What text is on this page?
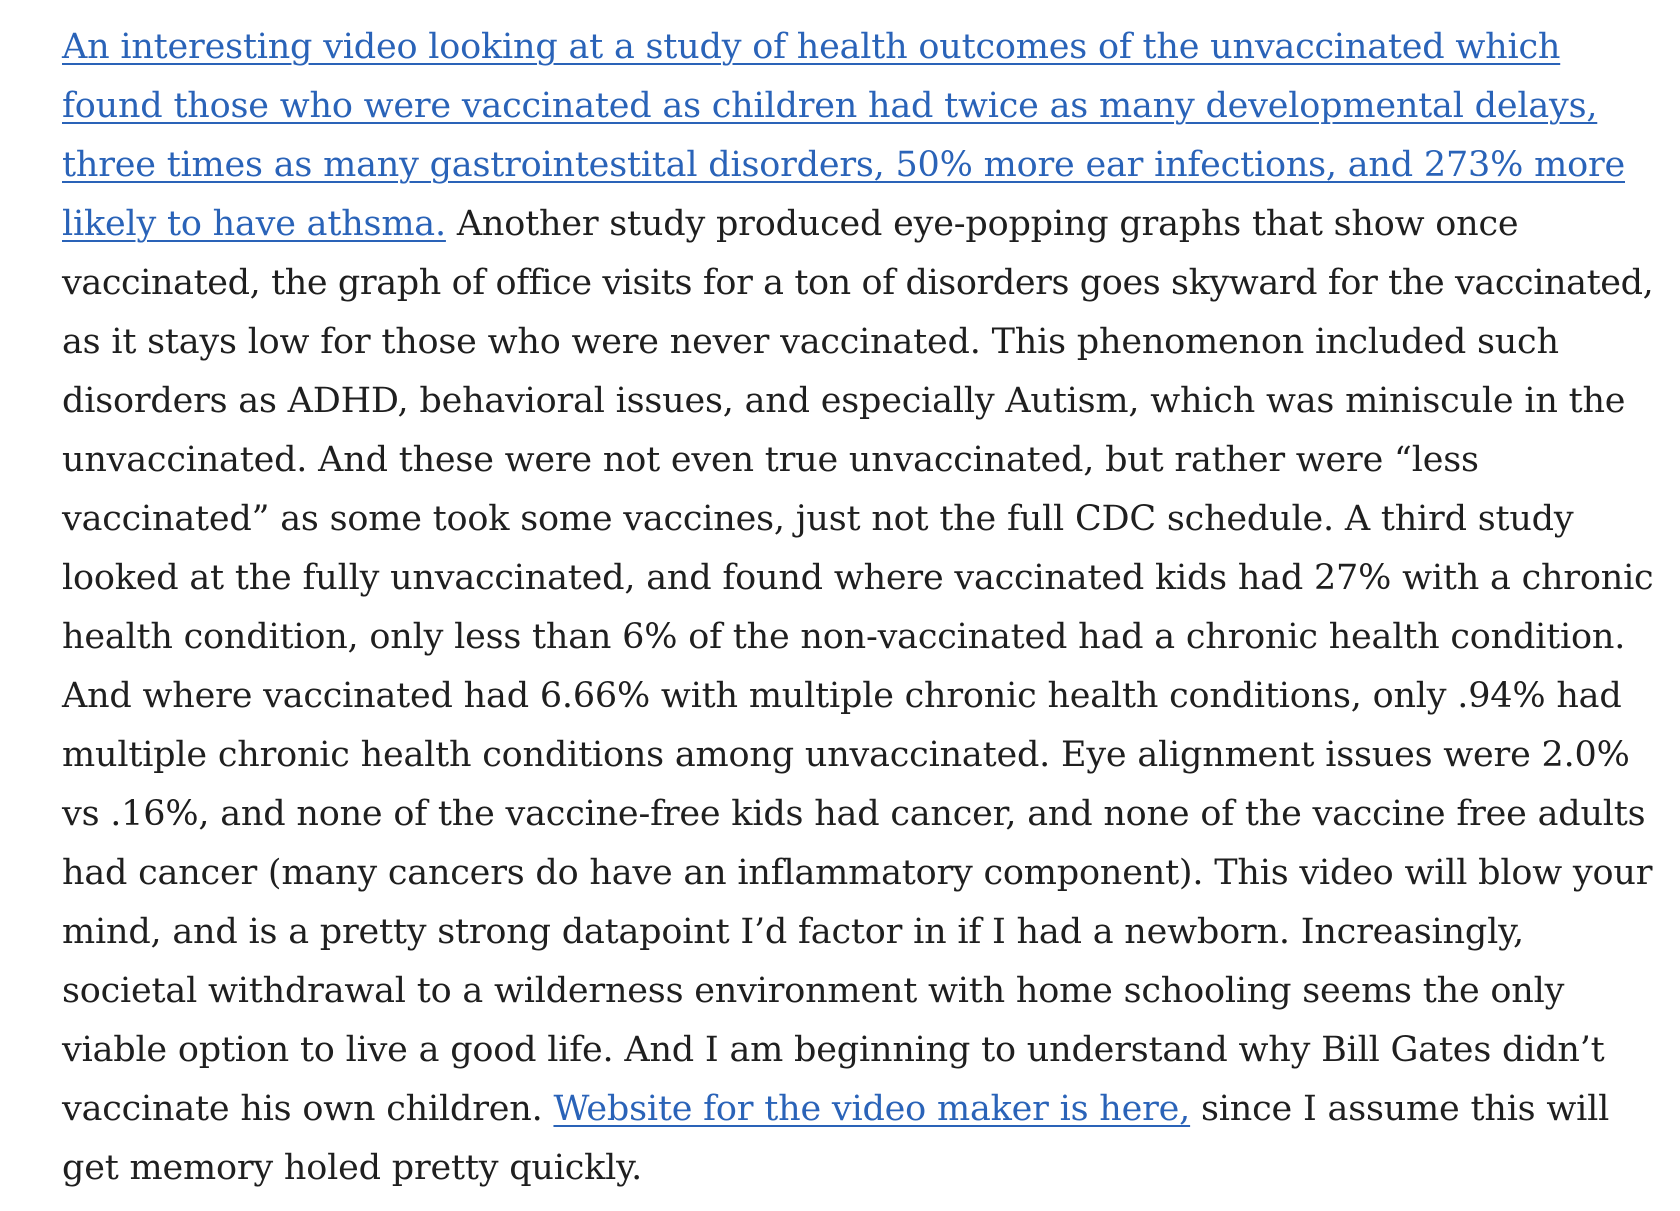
An interesting video looking at a study of health outcomes of the unvaccinated which
found those who were vaccinated as children had twice as many developmental delays,
three times as many gastrointestital disorders, 50% more ear infections, and 273% more
likely to have athsma. Another study produced eye-popping graphs that show once
vaccinated, the graph of office visits for a ton of disorders goes skyward for the vaccinated,
as it stays low for those who were never vaccinated. This phenomenon included such
disorders as ADHD, behavioral issues, and especially Autism, which was miniscule in the
unvaccinated. And these were not even true unvaccinated, but rather were “less
vaccinated” as some took some vaccines, just not the full CDC schedule. A third study
looked at the fully unvaccinated, and found where vaccinated kids had 27% with a chronic
health condition, only less than 6% of the non-vaccinated had a chronic health condition.
And where vaccinated had 6.66% with multiple chronic health conditions, only .94% had
multiple chronic health conditions among unvaccinated. Eye alignment issues were 2.0%
vs .16%, and none of the vaccine-free kids had cancer, and none of the vaccine free adults
had cancer (many cancers do have an inflammatory component). This video will blow your
mind, and is a pretty strong datapoint I’d factor in if I had a newborn. Increasingly,
societal withdrawal to a wilderness environment with home schooling seems the only
viable option to live a good life. And I am beginning to understand why Bill Gates didn’t
vaccinate his own children. Website for the video maker is here, since I assume this will
get memory holed pretty quickly.
